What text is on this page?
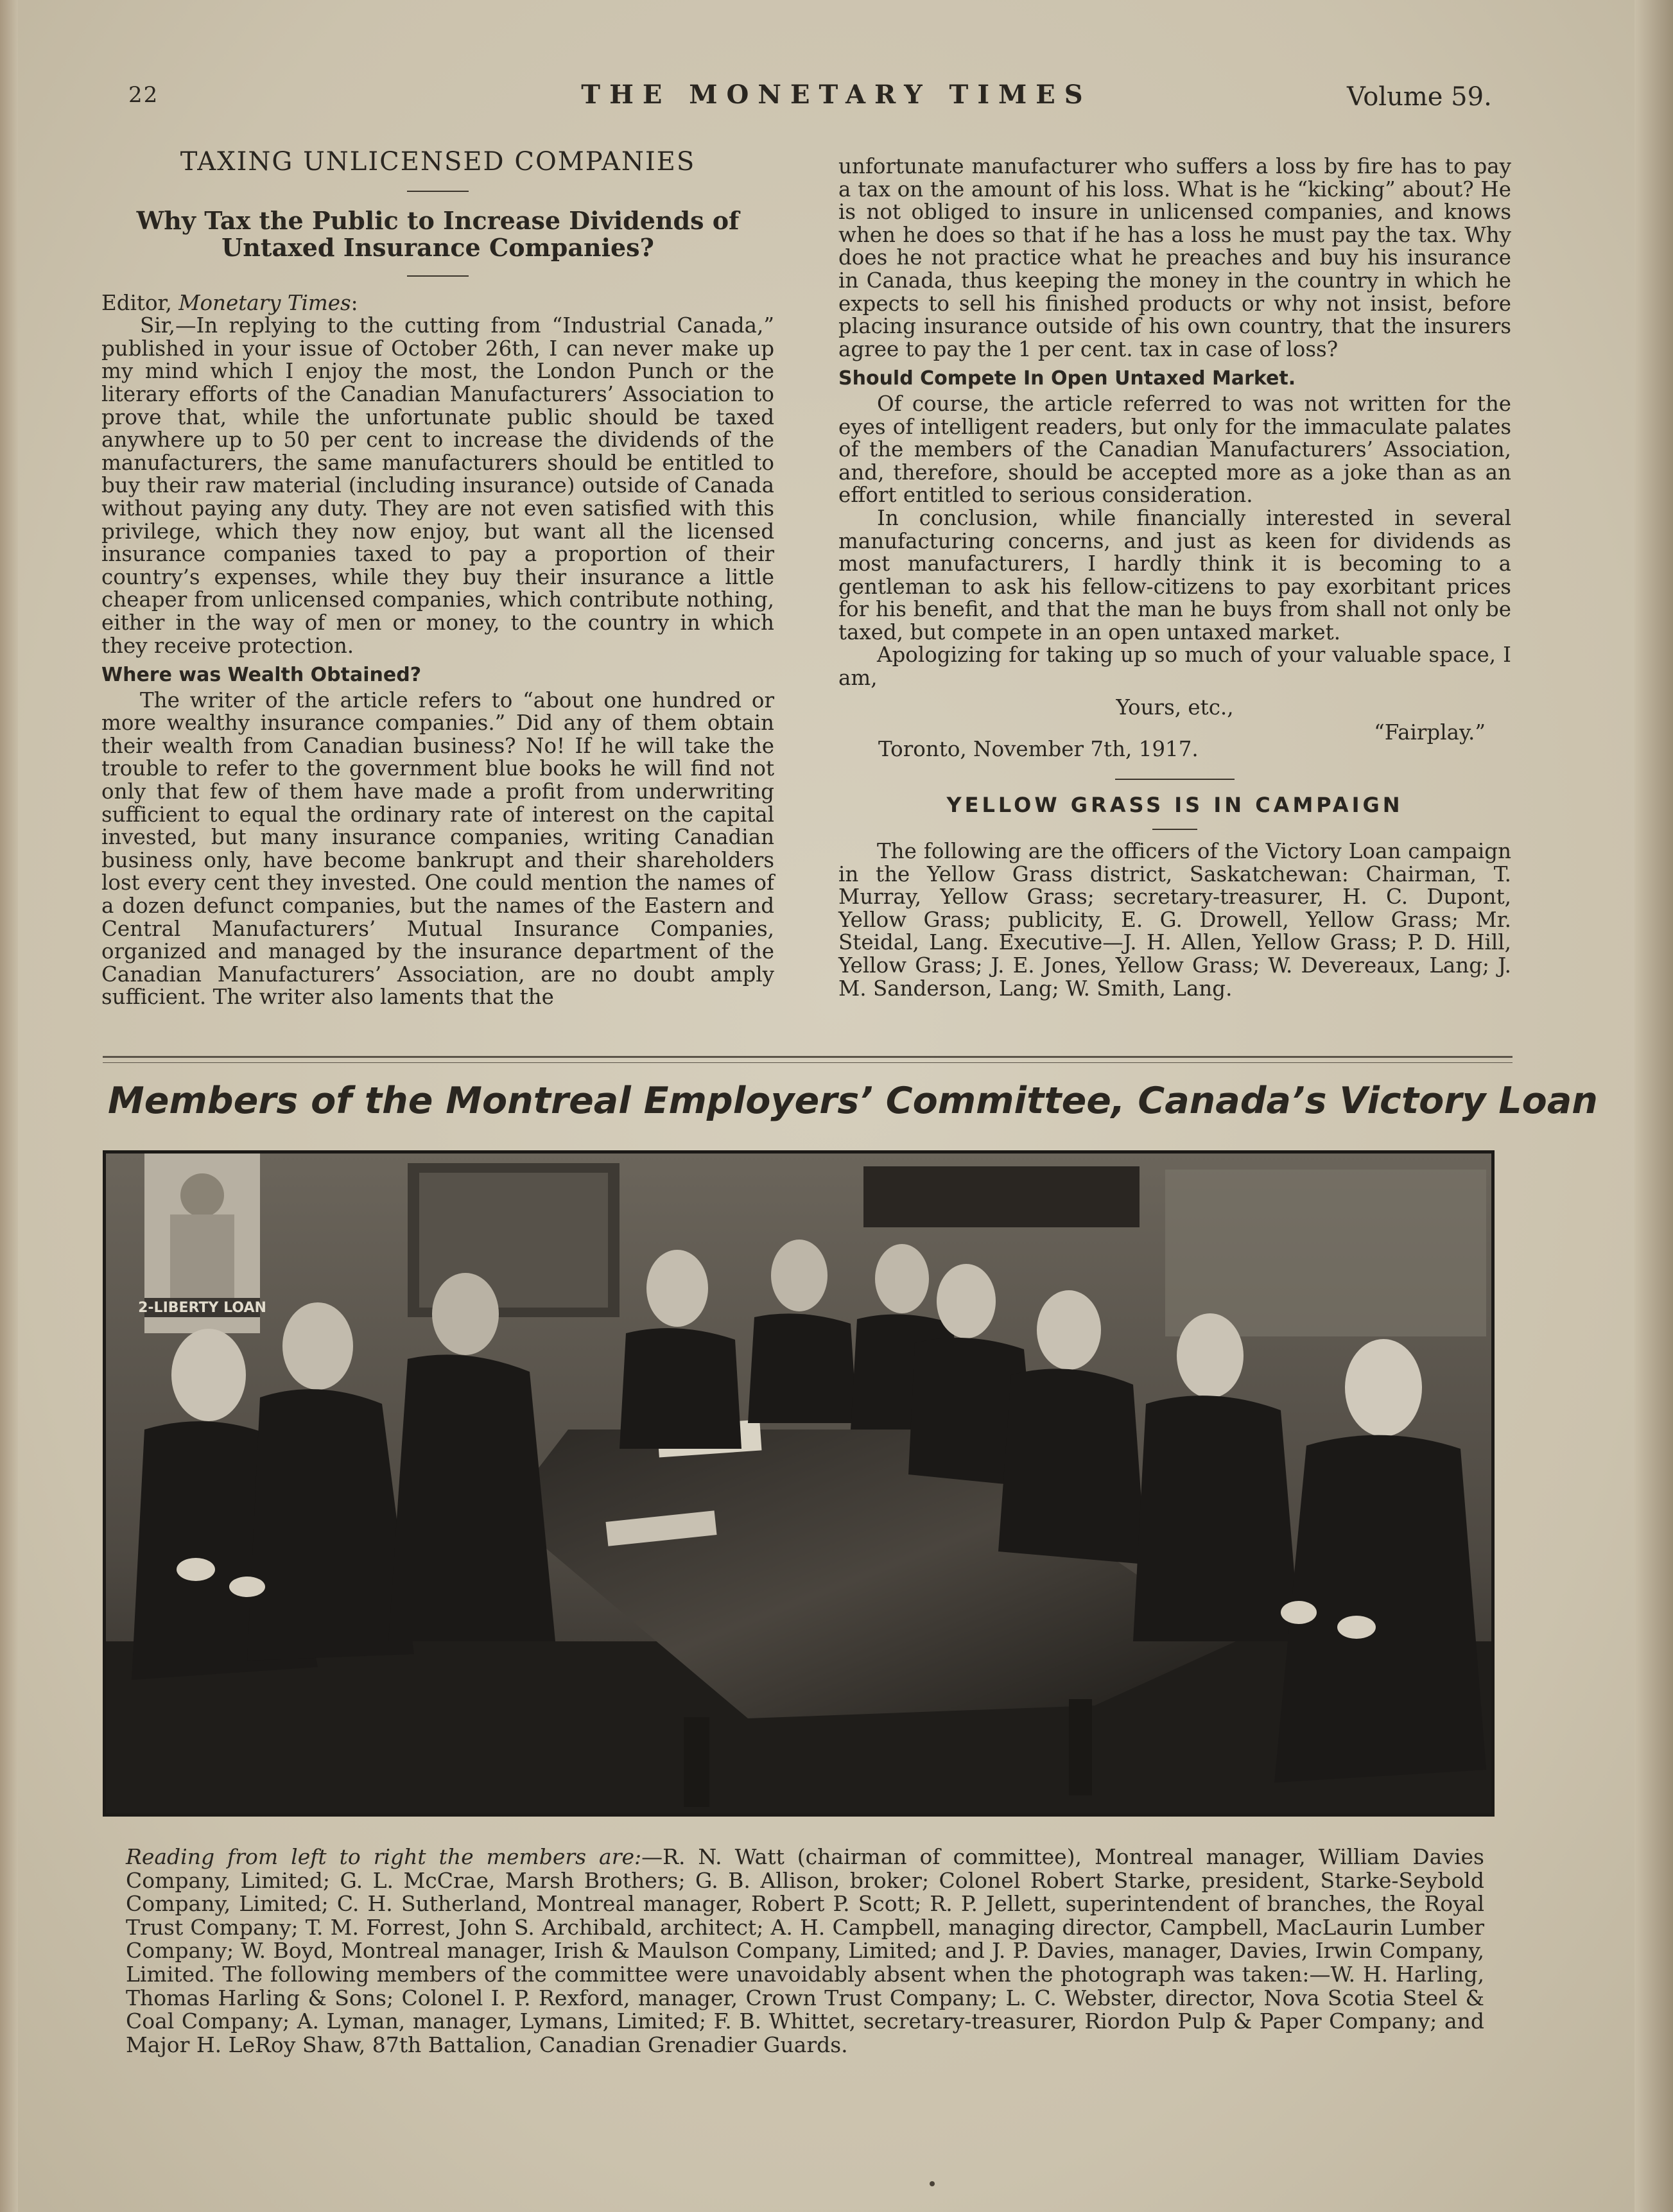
22	THE MONETARY TIMES	Volume 59.
TAXING UNLICENSED COMPANIES
Why Tax the Public to Increase Dividends of Untaxed Insurance Companies?

Editor, Monetary Times:

Sir,—In replying to the cutting from “Industrial Canada,” published in your issue of October 26th, I can never make up my mind which I enjoy the most, the London Punch or the literary efforts of the Canadian Manufacturers’ Association to prove that, while the unfortunate public should be taxed anywhere up to 50 per cent to increase the dividends of the manufacturers, the same manufacturers should be entitled to buy their raw material (including insurance) outside of Canada without paying any duty. They are not even satisfied with this privilege, which they now enjoy, but want all the licensed insurance companies taxed to pay a proportion of their country’s expenses, while they buy their insurance a little cheaper from unlicensed companies, which contribute nothing, either in the way of men or money, to the country in which they receive protection.

Where was Wealth Obtained?

The writer of the article refers to “about one hundred or more wealthy insurance companies.” Did any of them obtain their wealth from Canadian business? No! If he will take the trouble to refer to the government blue books he will find not only that few of them have made a profit from underwriting sufficient to equal the ordinary rate of interest on the capital invested, but many insurance companies, writing Canadian business only, have become bankrupt and their shareholders lost every cent they invested. One could mention the names of a dozen defunct companies, but the names of the Eastern and Central Manufacturers’ Mutual Insurance Companies, organized and managed by the insurance department of the Canadian Manufacturers’ Association, are no doubt amply sufficient. The writer also laments that the

unfortunate manufacturer who suffers a loss by fire has to pay a tax on the amount of his loss. What is he “kicking” about? He is not obliged to insure in unlicensed companies, and knows when he does so that if he has a loss he must pay the tax. Why does he not practice what he preaches and buy his insurance in Canada, thus keeping the money in the country in which he expects to sell his finished products or why not insist, before placing insurance outside of his own country, that the insurers agree to pay the 1 per cent. tax in case of loss?

Should Compete In Open Untaxed Market.

Of course, the article referred to was not written for the eyes of intelligent readers, but only for the immaculate palates of the members of the Canadian Manufacturers’ Association, and, therefore, should be accepted more as a joke than as an effort entitled to serious consideration.

In conclusion, while financially interested in several manufacturing concerns, and just as keen for dividends as most manufacturers, I hardly think it is becoming to a gentleman to ask his fellow-citizens to pay exorbitant prices for his benefit, and that the man he buys from shall not only be taxed, but compete in an open untaxed market.

Apologizing for taking up so much of your valuable space, I am,

Yours, etc.,
“Fairplay.”
Toronto, November 7th, 1917.
YELLOW GRASS IS IN CAMPAIGN

The following are the officers of the Victory Loan campaign in the Yellow Grass district, Saskatchewan: Chairman, T. Murray, Yellow Grass; secretary-treasurer, H. C. Dupont, Yellow Grass; publicity, E. G. Drowell, Yellow Grass; Mr. Steidal, Lang. Executive—J. H. Allen, Yellow Grass; P. D. Hill, Yellow Grass; J. E. Jones, Yellow Grass; W. Devereaux, Lang; J. M. Sanderson, Lang; W. Smith, Lang.

Members of the Montreal Employers’ Committee, Canada’s Victory Loan
2-LIBERTY LOAN
Reading from left to right the members are:—R. N. Watt (chairman of committee), Montreal manager, William Davies Company, Limited; G. L. McCrae, Marsh Brothers; G. B. Allison, broker; Colonel Robert Starke, president, Starke-Seybold Company, Limited; C. H. Sutherland, Montreal manager, Robert P. Scott; R. P. Jellett, superintendent of branches, the Royal Trust Company; T. M. Forrest, John S. Archibald, architect; A. H. Campbell, managing director, Campbell, MacLaurin Lumber Company; W. Boyd, Montreal manager, Irish & Maulson Company, Limited; and J. P. Davies, manager, Davies, Irwin Company, Limited. The following members of the committee were unavoidably absent when the photograph was taken:—W. H. Harling, Thomas Harling & Sons; Colonel I. P. Rexford, manager, Crown Trust Company; L. C. Webster, director, Nova Scotia Steel & Coal Company; A. Lyman, manager, Lymans, Limited; F. B. Whittet, secretary-treasurer, Riordon Pulp & Paper Company; and Major H. LeRoy Shaw, 87th Battalion, Canadian Grenadier Guards.
